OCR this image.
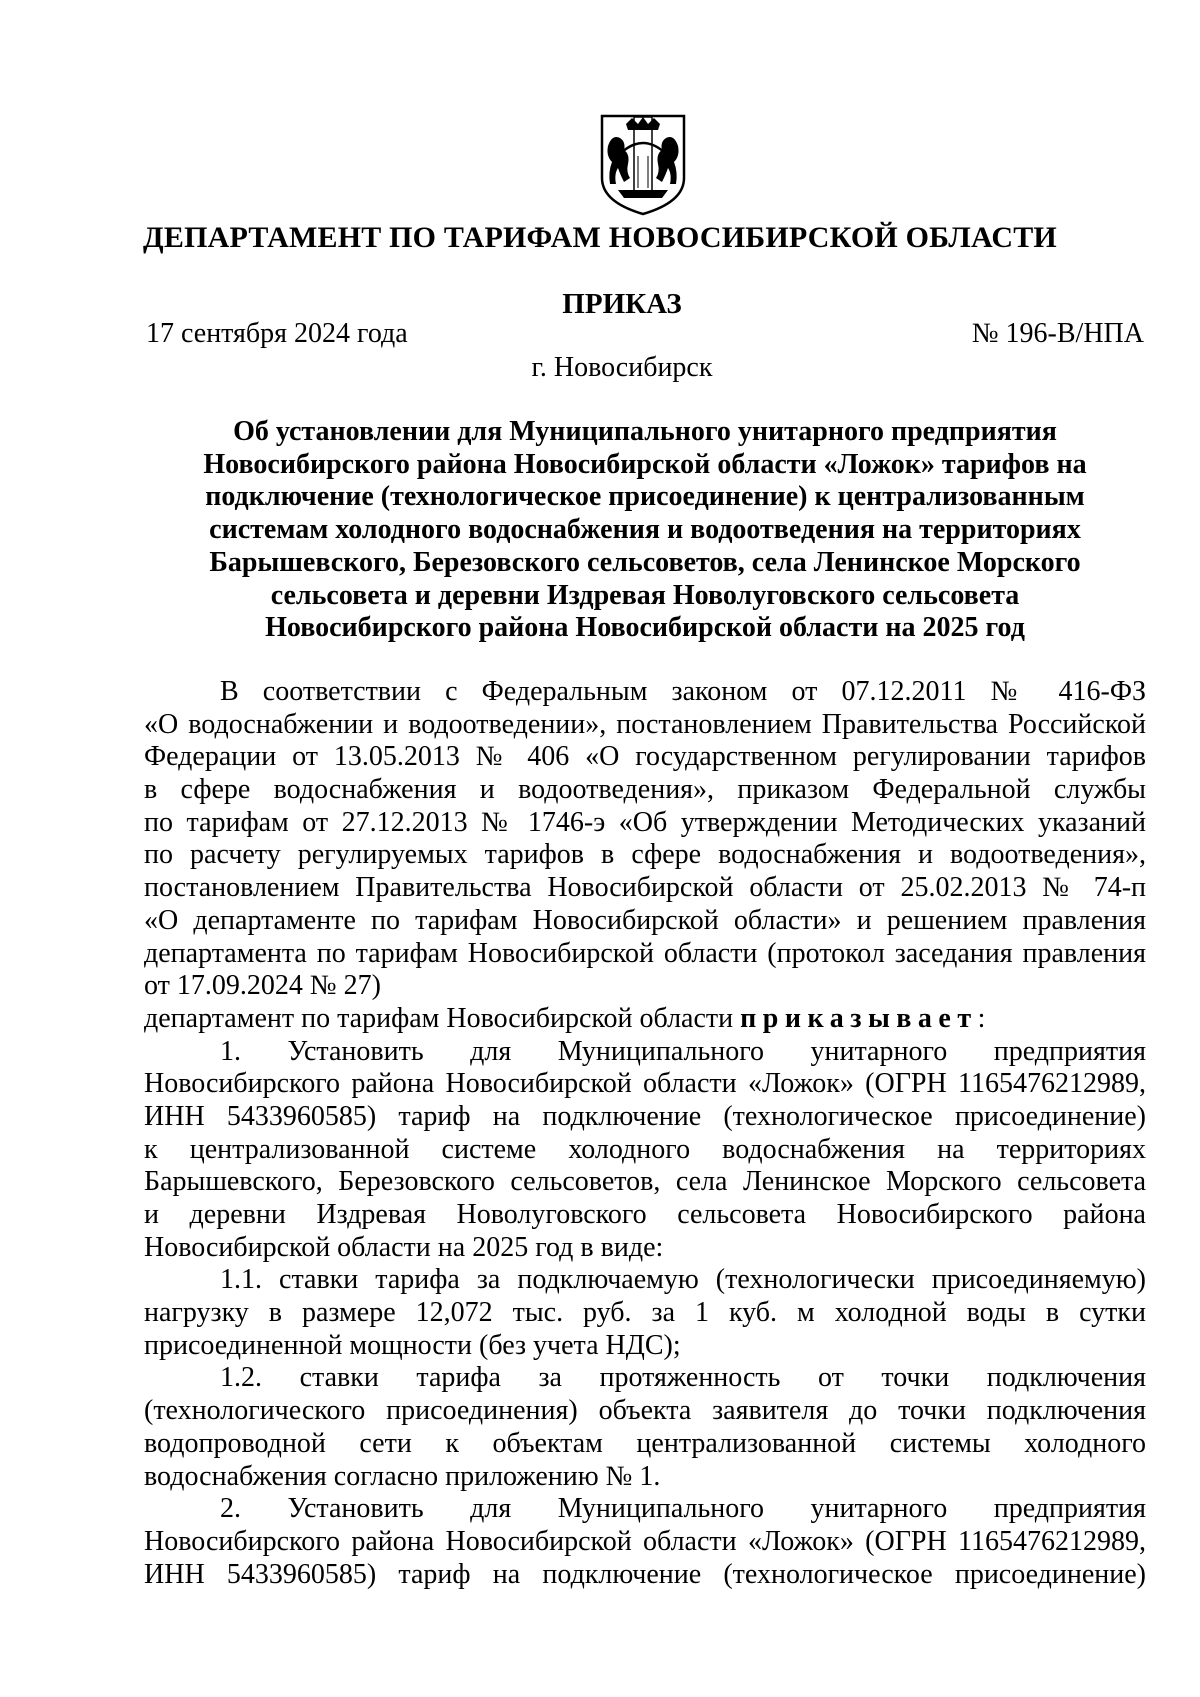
ДЕПАРТАМЕНТ ПО ТАРИФАМ НОВОСИБИРСКОЙ ОБЛАСТИ
ПРИКАЗ
17 сентября 2024 года	№ 196-В/НПА
г. Новосибирск
Об установлении для Муниципального унитарного предприятия
Новосибирского района Новосибирской области «Ложок» тарифов на
подключение (технологическое присоединение) к централизованным
системам холодного водоснабжения и водоотведения на территориях
Барышевского, Березовского сельсоветов, села Ленинское Морского
сельсовета и деревни Издревая Новолуговского сельсовета
Новосибирского района Новосибирской области на 2025 год
В соответствии с Федеральным законом от 07.12.2011 № 416-ФЗ
«О водоснабжении и водоотведении», постановлением Правительства Российской
Федерации от 13.05.2013 № 406 «О государственном регулировании тарифов
в сфере водоснабжения и водоотведения», приказом Федеральной службы
по тарифам от 27.12.2013 № 1746-э «Об утверждении Методических указаний
по расчету регулируемых тарифов в сфере водоснабжения и водоотведения»,
постановлением Правительства Новосибирской области от 25.02.2013 № 74-п
«О департаменте по тарифам Новосибирской области» и решением правления
департамента по тарифам Новосибирской области (протокол заседания правления
от 17.09.2024 № 27)
департамент по тарифам Новосибирской области приказывает:
1. Установить для Муниципального унитарного предприятия
Новосибирского района Новосибирской области «Ложок» (ОГРН 1165476212989,
ИНН 5433960585) тариф на подключение (технологическое присоединение)
к централизованной системе холодного водоснабжения на территориях
Барышевского, Березовского сельсоветов, села Ленинское Морского сельсовета
и деревни Издревая Новолуговского сельсовета Новосибирского района
Новосибирской области на 2025 год в виде:
1.1. ставки тарифа за подключаемую (технологически присоединяемую)
нагрузку в размере 12,072 тыс. руб. за 1 куб. м холодной воды в сутки
присоединенной мощности (без учета НДС);
1.2. ставки тарифа за протяженность от точки подключения
(технологического присоединения) объекта заявителя до точки подключения
водопроводной сети к объектам централизованной системы холодного
водоснабжения согласно приложению № 1.
2. Установить для Муниципального унитарного предприятия
Новосибирского района Новосибирской области «Ложок» (ОГРН 1165476212989,
ИНН 5433960585) тариф на подключение (технологическое присоединение)
